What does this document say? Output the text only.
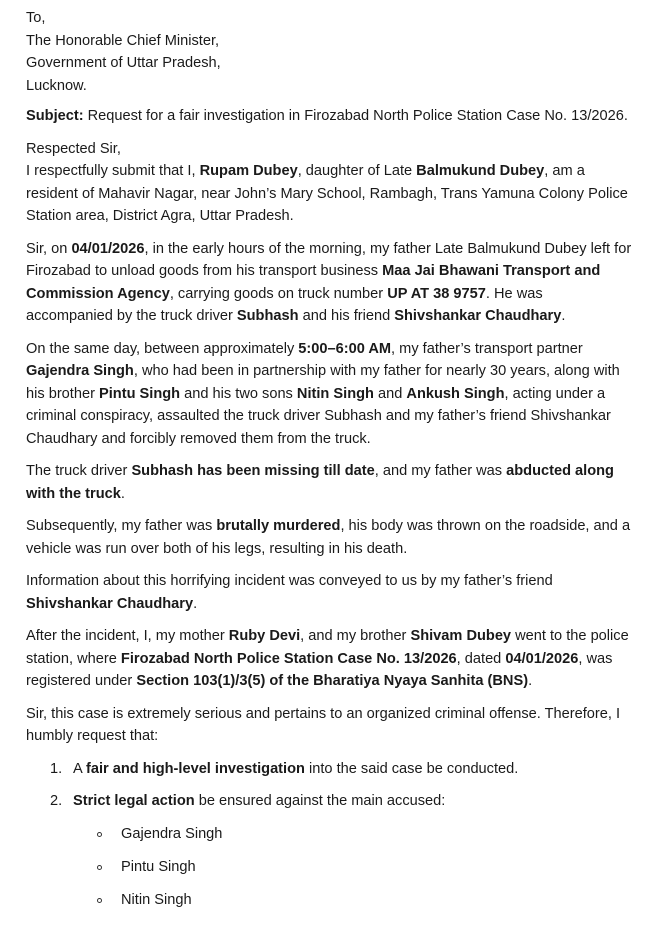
To,

The Honorable Chief Minister,

Government of Uttar Pradesh,

Lucknow.

Subject: Request for a fair investigation in Firozabad North Police Station Case No. 13/2026.

Respected Sir,

I respectfully submit that I, Rupam Dubey, daughter of Late Balmukund Dubey, am a resident of Mahavir Nagar, near John’s Mary School, Rambagh, Trans Yamuna Colony Police Station area, District Agra, Uttar Pradesh.

Sir, on 04/01/2026, in the early hours of the morning, my father Late Balmukund Dubey left for Firozabad to unload goods from his transport business Maa Jai Bhawani Transport and Commission Agency, carrying goods on truck number UP AT 38 9757. He was accompanied by the truck driver Subhash and his friend Shivshankar Chaudhary.

On the same day, between approximately 5:00–6:00 AM, my father’s transport partner Gajendra Singh, who had been in partnership with my father for nearly 30 years, along with his brother Pintu Singh and his two sons Nitin Singh and Ankush Singh, acting under a criminal conspiracy, assaulted the truck driver Subhash and my father’s friend Shivshankar Chaudhary and forcibly removed them from the truck.

The truck driver Subhash has been missing till date, and my father was abducted along with the truck.

Subsequently, my father was brutally murdered, his body was thrown on the roadside, and a vehicle was run over both of his legs, resulting in his death.

Information about this horrifying incident was conveyed to us by my father’s friend Shivshankar Chaudhary.

After the incident, I, my mother Ruby Devi, and my brother Shivam Dubey went to the police station, where Firozabad North Police Station Case No. 13/2026, dated 04/01/2026, was registered under Section 103(1)/3(5) of the Bharatiya Nyaya Sanhita (BNS).

Sir, this case is extremely serious and pertains to an organized criminal offense. Therefore, I humbly request that:

1. A fair and high-level investigation into the said case be conducted.
2. Strict legal action be ensured against the main accused:
Gajendra Singh
Pintu Singh
Nitin Singh
